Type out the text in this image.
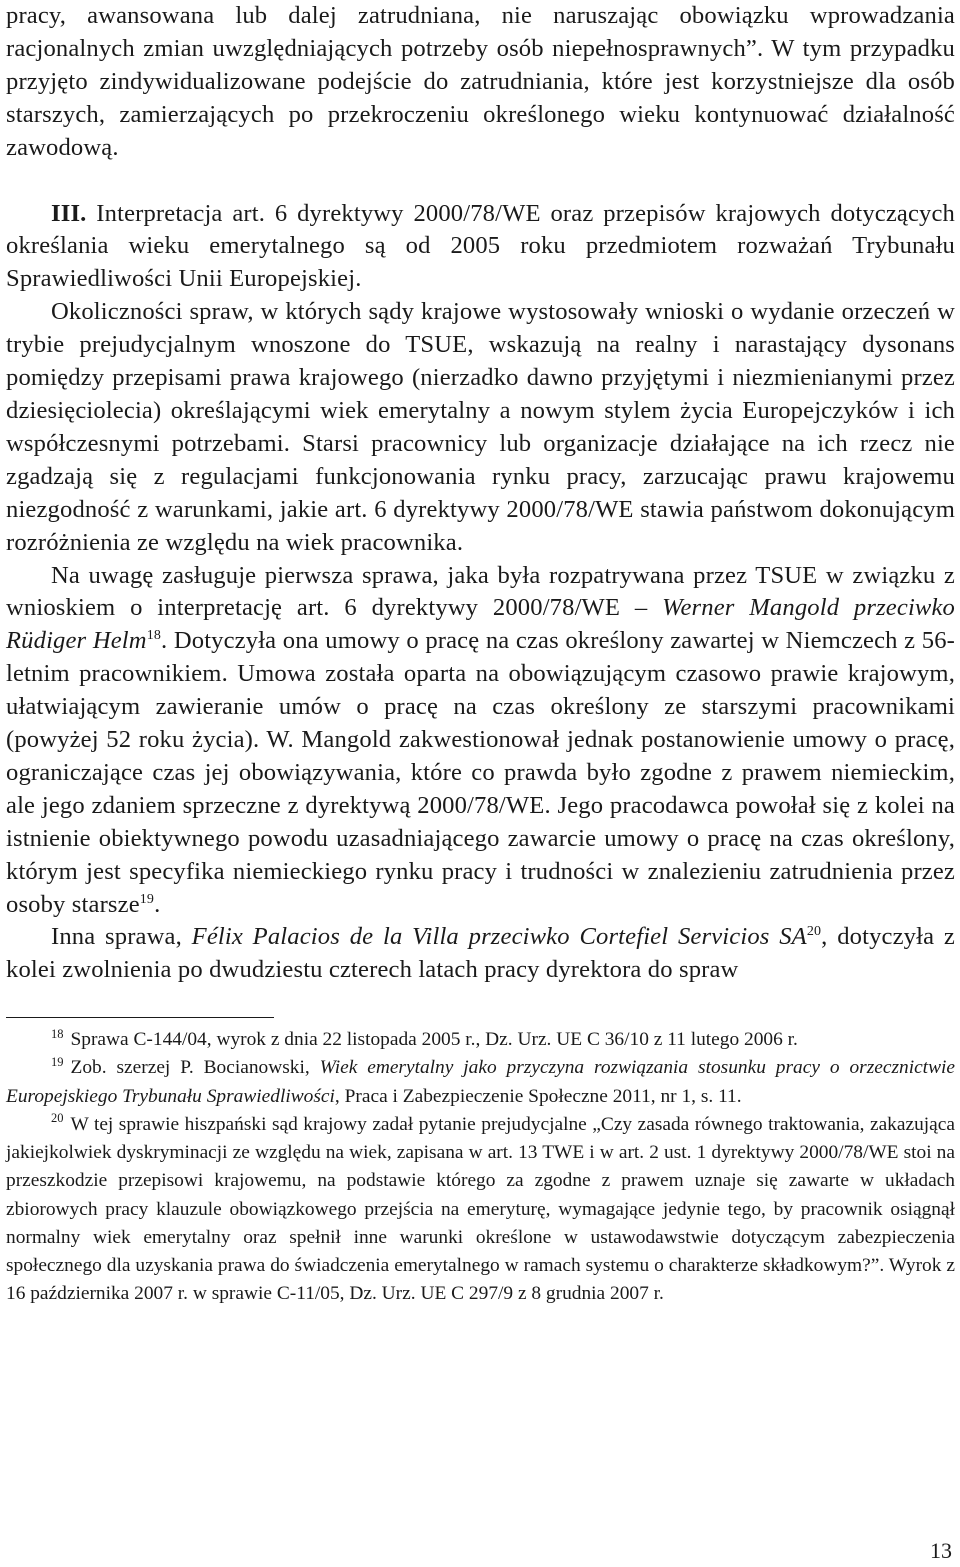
pracy, awansowana lub dalej zatrudniana, nie naruszając obowiązku wprowadzania racjonalnych zmian uwzględniających potrzeby osób niepełnosprawnych”. W tym przypadku przyjęto zindywidualizowane podejście do zatrudniania, które jest korzystniejsze dla osób starszych, zamierzających po przekroczeniu określonego wieku kontynuować działalność zawodową.

III. Interpretacja art. 6 dyrektywy 2000/78/WE oraz przepisów krajowych dotyczących określania wieku emerytalnego są od 2005 roku przedmiotem rozważań Trybunału Sprawiedliwości Unii Europejskiej.

Okoliczności spraw, w których sądy krajowe wystosowały wnioski o wydanie orzeczeń w trybie prejudycjalnym wnoszone do TSUE, wskazują na realny i narastający dysonans pomiędzy przepisami prawa krajowego (nierzadko dawno przyjętymi i niezmienianymi przez dziesięciolecia) określającymi wiek emerytalny a nowym stylem życia Europejczyków i ich współczesnymi potrzebami. Starsi pracownicy lub organizacje działające na ich rzecz nie zgadzają się z regulacjami funkcjonowania rynku pracy, zarzucając prawu krajowemu niezgodność z warunkami, jakie art. 6 dyrektywy 2000/78/WE stawia państwom dokonującym rozróżnienia ze względu na wiek pracownika.

Na uwagę zasługuje pierwsza sprawa, jaka była rozpatrywana przez TSUE w związku z wnioskiem o interpretację art. 6 dyrektywy 2000/78/WE – Werner Mangold przeciwko Rüdiger Helm$^{18}$. Dotyczyła ona umowy o pracę na czas określony zawartej w Niemczech z 56-letnim pracownikiem. Umowa została oparta na obowiązującym czasowo prawie krajowym, ułatwiającym zawieranie umów o pracę na czas określony ze starszymi pracownikami (powyżej 52 roku życia). W. Mangold zakwestionował jednak postanowienie umowy o pracę, ograniczające czas jej obowiązywania, które co prawda było zgodne z prawem niemieckim, ale jego zdaniem sprzeczne z dyrektywą 2000/78/WE. Jego pracodawca powołał się z kolei na istnienie obiektywnego powodu uzasadniającego zawarcie umowy o pracę na czas określony, którym jest specyfika niemieckiego rynku pracy i trudności w znalezieniu zatrudnienia przez osoby starsze$^{19}$.

Inna sprawa, Félix Palacios de la Villa przeciwko Cortefiel Servicios SA$^{20}$, dotyczyła z kolei zwolnienia po dwudziestu czterech latach pracy dyrektora do spraw

$^{18}$ Sprawa C-144/04, wyrok z dnia 22 listopada 2005 r., Dz. Urz. UE C 36/10 z 11 lutego 2006 r.

$^{19}$ Zob. szerzej P. Bocianowski, Wiek emerytalny jako przyczyna rozwiązania stosunku pracy o orzecznictwie Europejskiego Trybunału Sprawiedliwości, Praca i Zabezpieczenie Społeczne 2011, nr 1, s. 11.

$^{20}$ W tej sprawie hiszpański sąd krajowy zadał pytanie prejudycjalne „Czy zasada równego traktowania, zakazująca jakiejkolwiek dyskryminacji ze względu na wiek, zapisana w art. 13 TWE i w art. 2 ust. 1 dyrektywy 2000/78/WE stoi na przeszkodzie przepisowi krajowemu, na podstawie którego za zgodne z prawem uznaje się zawarte w układach zbiorowych pracy klauzule obowiązkowego przejścia na emeryturę, wymagające jedynie tego, by pracownik osiągnął normalny wiek emerytalny oraz spełnił inne warunki określone w ustawodawstwie dotyczącym zabezpieczenia społecznego dla uzyskania prawa do świadczenia emerytalnego w ramach systemu o charakterze składkowym?”. Wyrok z 16 października 2007 r. w sprawie C-11/05, Dz. Urz. UE C 297/9 z 8 grudnia 2007 r.

13
